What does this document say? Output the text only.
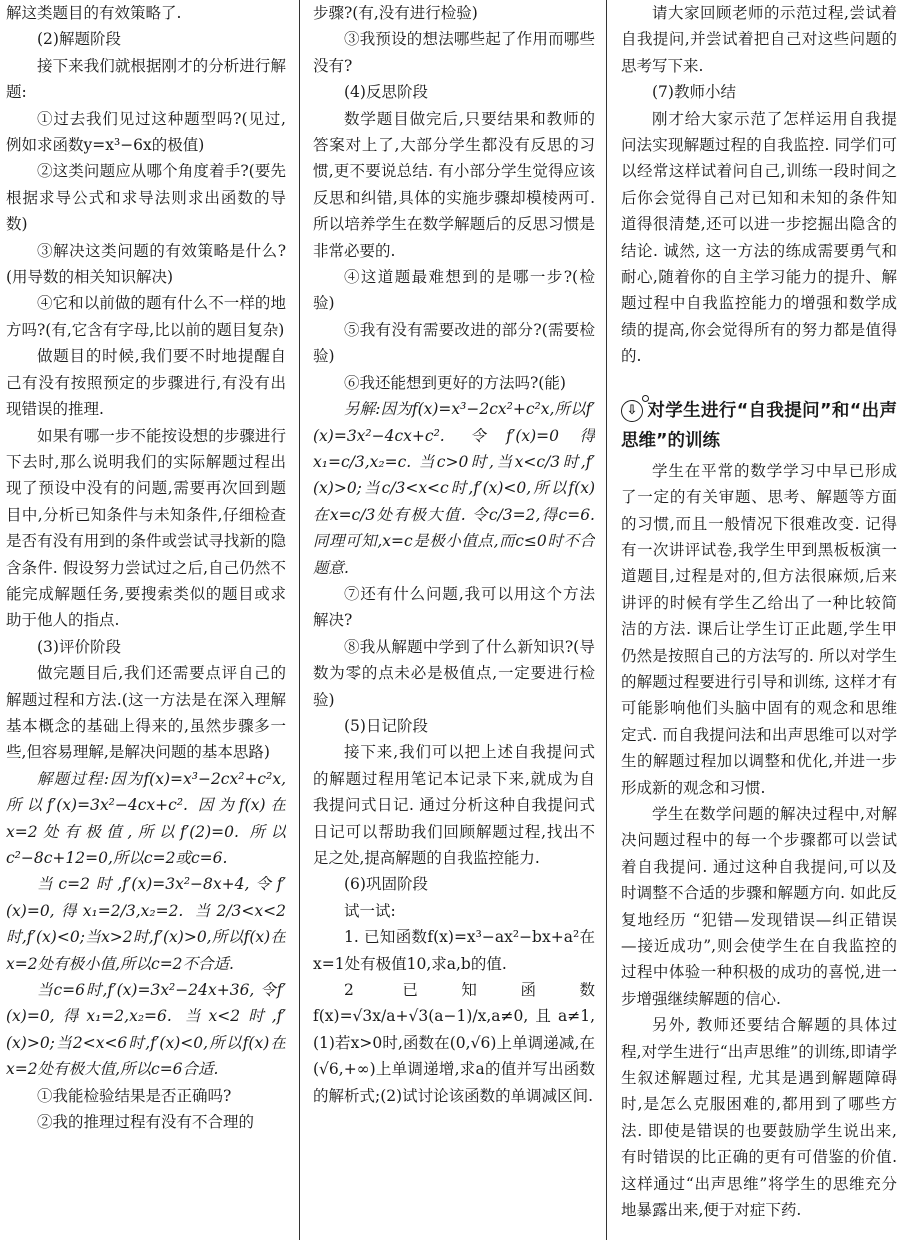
解这类题目的有效策略了.

(2)解题阶段

接下来我们就根据刚才的分析进行解题:

①过去我们见过这种题型吗?(见过,例如求函数y=x³−6x的极值)

②这类问题应从哪个角度着手?(要先根据求导公式和求导法则求出函数的导数)

③解决这类问题的有效策略是什么?(用导数的相关知识解决)

④它和以前做的题有什么不一样的地方吗?(有,它含有字母,比以前的题目复杂)

做题目的时候,我们要不时地提醒自己有没有按照预定的步骤进行,有没有出现错误的推理.

如果有哪一步不能按设想的步骤进行下去时,那么说明我们的实际解题过程出现了预设中没有的问题,需要再次回到题目中,分析已知条件与未知条件,仔细检查是否有没有用到的条件或尝试寻找新的隐含条件. 假设努力尝试过之后,自己仍然不能完成解题任务,要搜索类似的题目或求助于他人的指点.

(3)评价阶段

做完题目后,我们还需要点评自己的解题过程和方法.(这一方法是在深入理解基本概念的基础上得来的,虽然步骤多一些,但容易理解,是解决问题的基本思路)

解题过程:因为f(x)=x³−2cx²+c²x,所以f′(x)=3x²−4cx+c². 因为f(x)在x=2处有极值,所以f′(2)=0. 所以c²−8c+12=0,所以c=2或c=6.

当c=2时,f′(x)=3x²−8x+4,令f′(x)=0,得x₁=2/3,x₂=2. 当2/3<x<2时,f′(x)<0;当x>2时,f′(x)>0,所以f(x)在x=2处有极小值,所以c=2不合适.

当c=6时,f′(x)=3x²−24x+36, 令f′(x)=0,得x₁=2,x₂=6. 当x<2时,f′(x)>0;当2<x<6时,f′(x)<0,所以f(x)在x=2处有极大值,所以c=6合适.

①我能检验结果是否正确吗?

②我的推理过程有没有不合理的

步骤?(有,没有进行检验)

③我预设的想法哪些起了作用而哪些没有?

(4)反思阶段

数学题目做完后,只要结果和教师的答案对上了,大部分学生都没有反思的习惯,更不要说总结. 有小部分学生觉得应该反思和纠错,具体的实施步骤却模棱两可. 所以培养学生在数学解题后的反思习惯是非常必要的.

④这道题最难想到的是哪一步?(检验)

⑤我有没有需要改进的部分?(需要检验)

⑥我还能想到更好的方法吗?(能)

另解:因为f(x)=x³−2cx²+c²x,所以f′(x)=3x²−4cx+c². 令f′(x)=0得x₁=c/3,x₂=c. 当c>0时,当x<c/3时,f′(x)>0;当c/3<x<c时,f′(x)<0,所以f(x)在x=c/3处有极大值. 令c/3=2,得c=6. 同理可知,x=c是极小值点,而c≤0时不合题意.

⑦还有什么问题,我可以用这个方法解决?

⑧我从解题中学到了什么新知识?(导数为零的点未必是极值点,一定要进行检验)

(5)日记阶段

接下来,我们可以把上述自我提问式的解题过程用笔记本记录下来,就成为自我提问式日记. 通过分析这种自我提问式日记可以帮助我们回顾解题过程,找出不足之处,提高解题的自我监控能力.

(6)巩固阶段

试一试:

1. 已知函数f(x)=x³−ax²−bx+a²在x=1处有极值10,求a,b的值.

2 已知函数f(x)=√3x/a+√3(a−1)/x,a≠0,且a≠1,(1)若x>0时,函数在(0,√6)上单调递减,在(√6,+∞)上单调递增,求a的值并写出函数的解析式;(2)试讨论该函数的单调减区间.

请大家回顾老师的示范过程,尝试着自我提问,并尝试着把自己对这些问题的思考写下来.

(7)教师小结

刚才给大家示范了怎样运用自我提问法实现解题过程的自我监控. 同学们可以经常这样试着问自己,训练一段时间之后你会觉得自己对已知和未知的条件知道得很清楚,还可以进一步挖掘出隐含的结论. 诚然, 这一方法的练成需要勇气和耐心,随着你的自主学习能力的提升、解题过程中自我监控能力的增强和数学成绩的提高,你会觉得所有的努力都是值得的.

⇩ 对学生进行“自我提问”和“出声思维”的训练

学生在平常的数学学习中早已形成了一定的有关审题、思考、解题等方面的习惯,而且一般情况下很难改变. 记得有一次讲评试卷,我学生甲到黑板板演一道题目,过程是对的,但方法很麻烦,后来讲评的时候有学生乙给出了一种比较简洁的方法. 课后让学生订正此题,学生甲仍然是按照自己的方法写的. 所以对学生的解题过程要进行引导和训练, 这样才有可能影响他们头脑中固有的观念和思维定式. 而自我提问法和出声思维可以对学生的解题过程加以调整和优化,并进一步形成新的观念和习惯.

学生在数学问题的解决过程中,对解决问题过程中的每一个步骤都可以尝试着自我提问. 通过这种自我提问,可以及时调整不合适的步骤和解题方向. 如此反复地经历 “犯错—发现错误—纠正错误—接近成功”,则会使学生在自我监控的过程中体验一种积极的成功的喜悦,进一步增强继续解题的信心.

另外, 教师还要结合解题的具体过程,对学生进行“出声思维”的训练,即请学生叙述解题过程, 尤其是遇到解题障碍时,是怎么克服困难的,都用到了哪些方法. 即使是错误的也要鼓励学生说出来,有时错误的比正确的更有可借鉴的价值. 这样通过“出声思维”将学生的思维充分地暴露出来,便于对症下药.
